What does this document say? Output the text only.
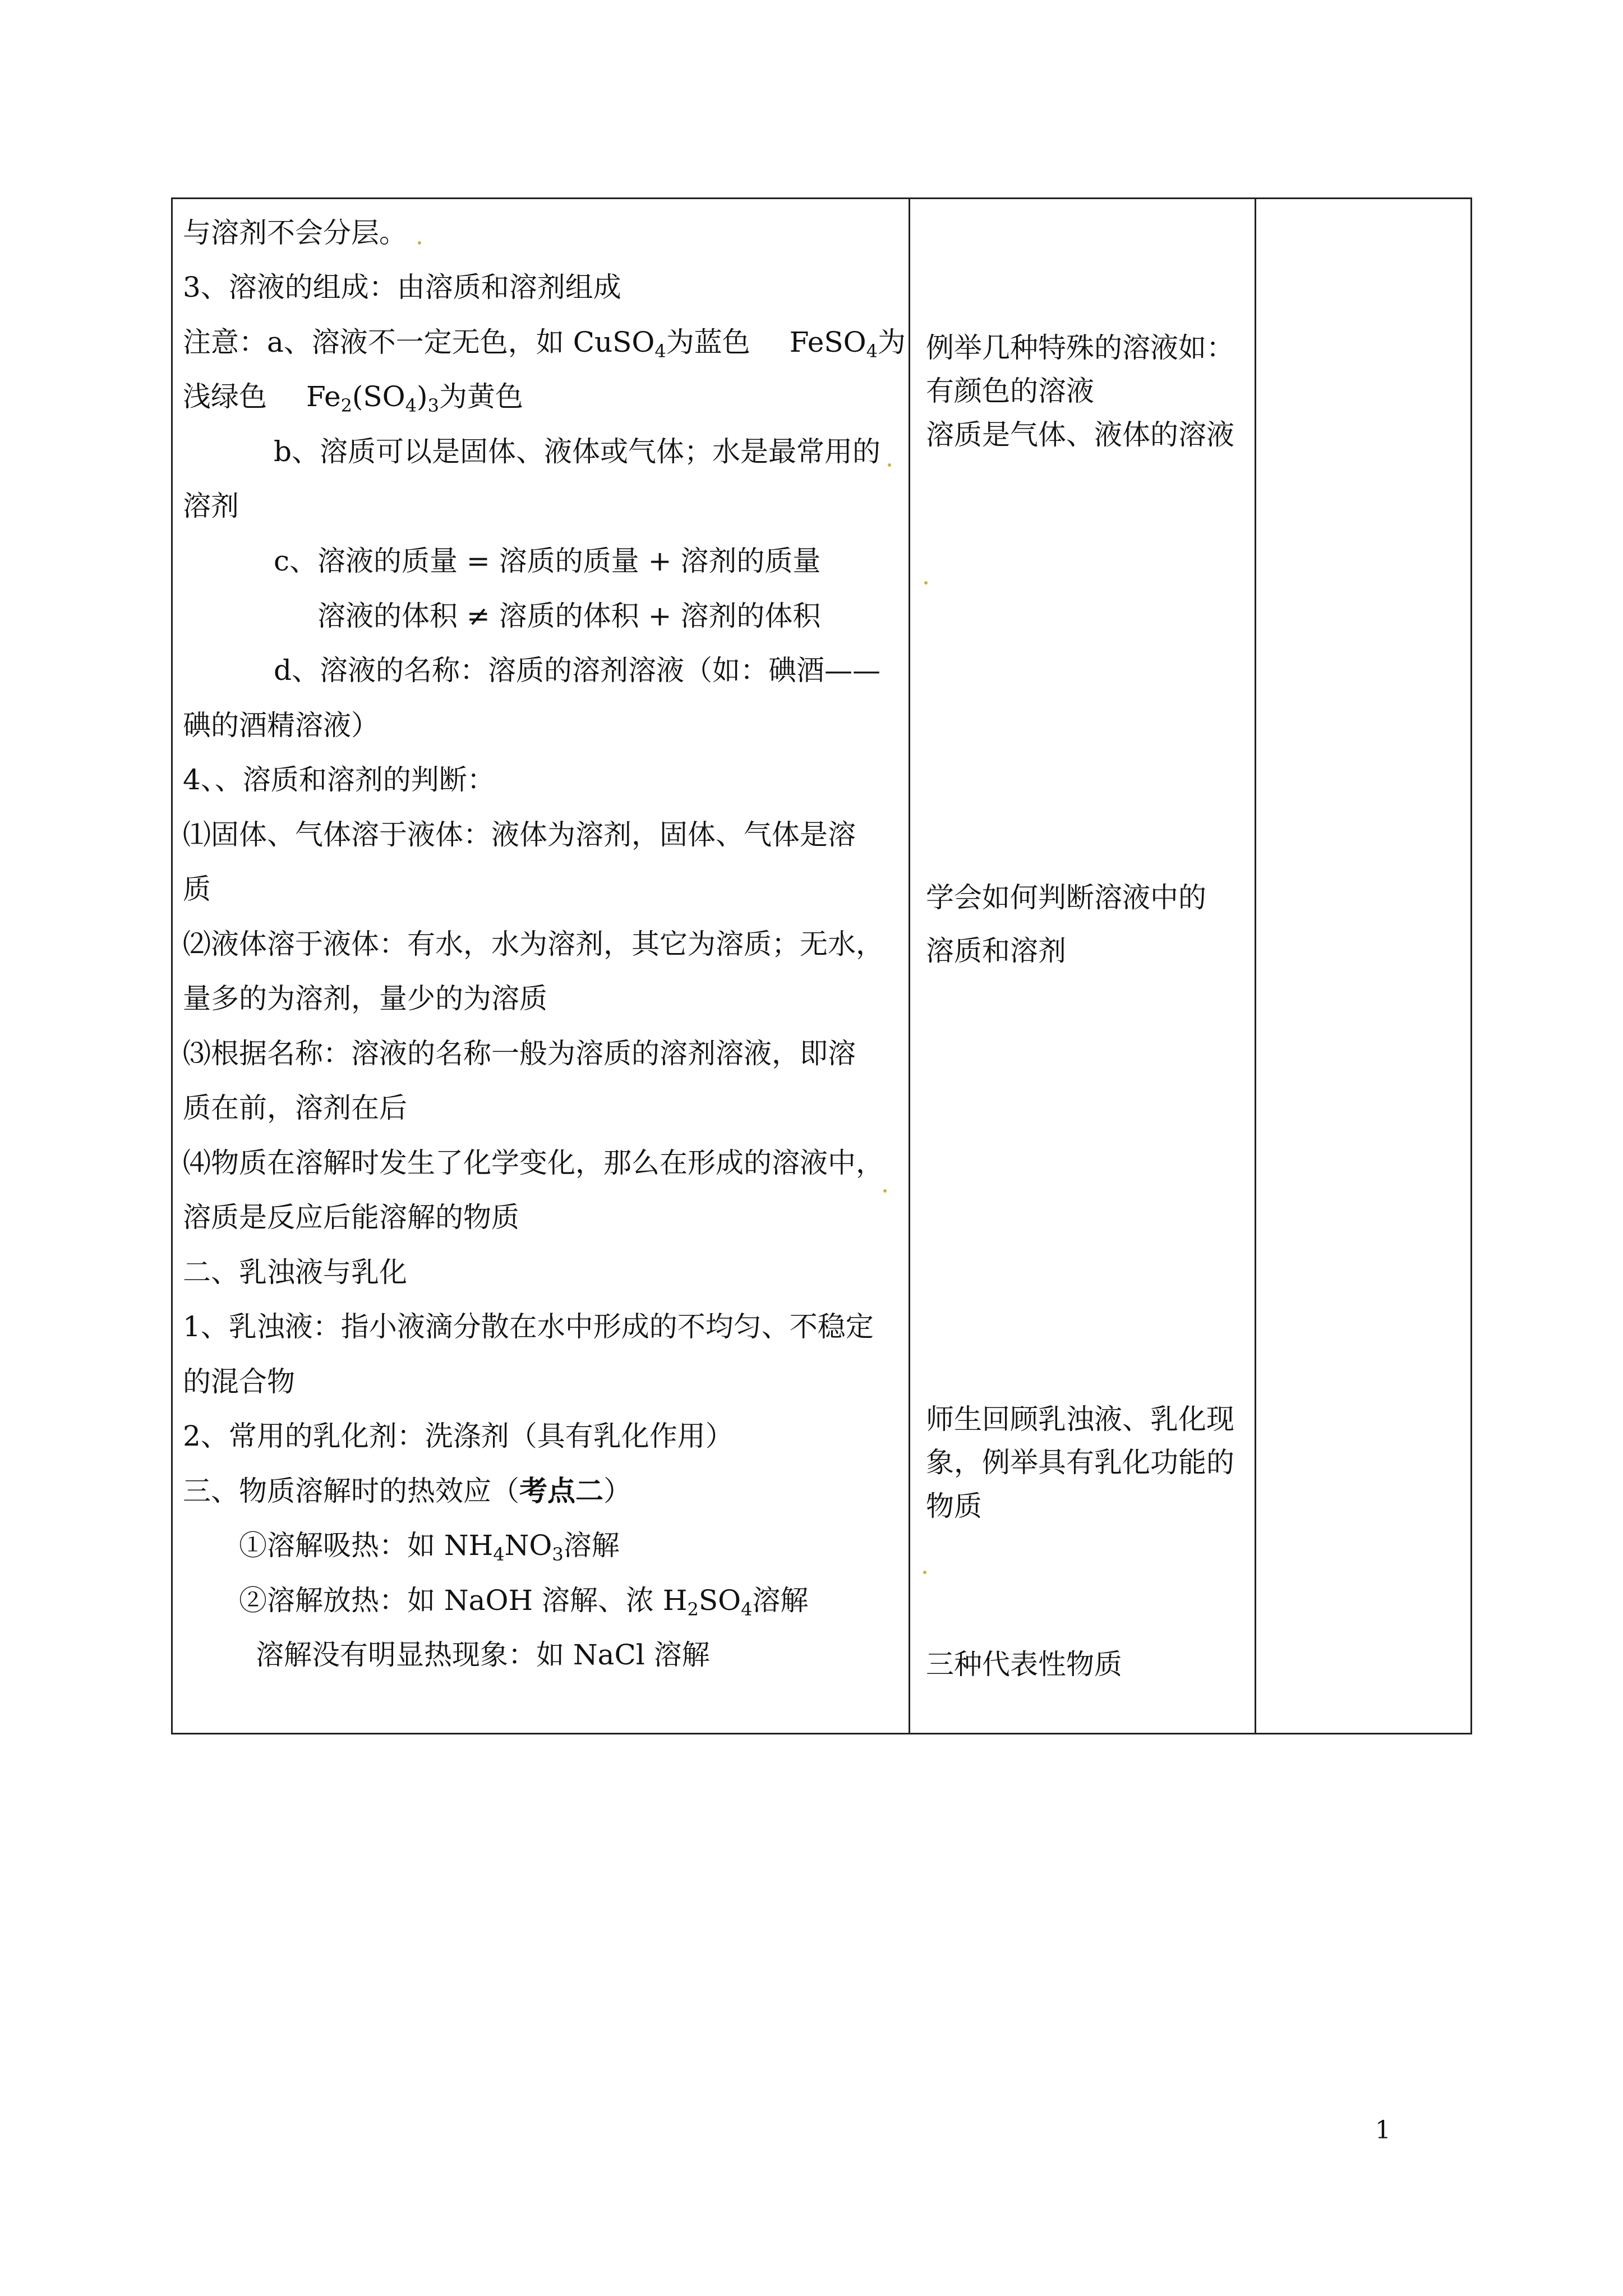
与溶剂不会分层。
3、溶液的组成：由溶质和溶剂组成
注意：a、溶液不一定无色，如 CuSO$_4$为蓝色 FeSO$_4$为
浅绿色 $Fe_2(SO_4)_3$为黄色
b、溶质可以是固体、液体或气体；水是最常用的
溶剂
c、溶液的质量 = 溶质的质量 + 溶剂的质量
溶液的体积 ≠ 溶质的体积 + 溶剂的体积
d、溶液的名称：溶质的溶剂溶液（如：碘酒——
碘的酒精溶液）
4、、溶质和溶剂的判断：
⑴固体、气体溶于液体：液体为溶剂，固体、气体是溶
质
⑵液体溶于液体：有水，水为溶剂，其它为溶质；无水，
量多的为溶剂，量少的为溶质
⑶根据名称：溶液的名称一般为溶质的溶剂溶液，即溶
质在前，溶剂在后
⑷物质在溶解时发生了化学变化，那么在形成的溶液中，
溶质是反应后能溶解的物质
二、乳浊液与乳化
1、乳浊液：指小液滴分散在水中形成的不均匀、不稳定
的混合物
2、常用的乳化剂：洗涤剂（具有乳化作用）
三、物质溶解时的热效应（考点二）
①溶解吸热：如 $NH_4NO_3$溶解
②溶解放热：如 NaOH 溶解、浓 $H_2SO_4$溶解
溶解没有明显热现象：如 NaCl 溶解
例举几种特殊的溶液如：
有颜色的溶液
溶质是气体、液体的溶液
学会如何判断溶液中的
溶质和溶剂
师生回顾乳浊液、乳化现
象，例举具有乳化功能的
物质
三种代表性物质
1
